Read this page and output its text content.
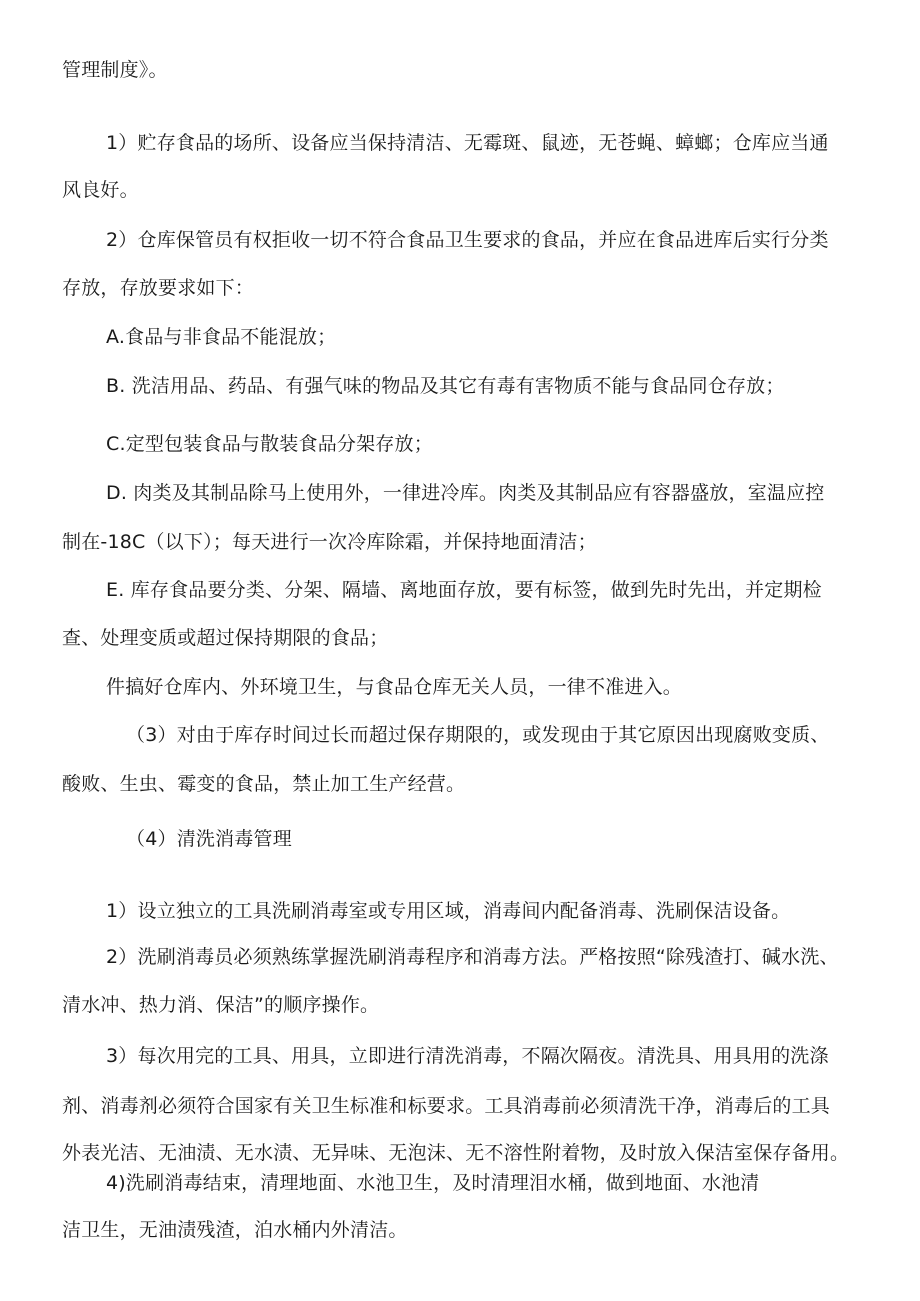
管理制度》。
1）贮存食品的场所、设备应当保持清洁、无霉斑、鼠迹，无苍蝇、蟑螂；仓库应当通
风良好。
2）仓库保管员有权拒收一切不符合食品卫生要求的食品，并应在食品进库后实行分类
存放，存放要求如下：
A.食品与非食品不能混放；
B. 洗洁用品、药品、有强气味的物品及其它有毒有害物质不能与食品同仓存放；
C.定型包装食品与散装食品分架存放；
D. 肉类及其制品除马上使用外，一律进冷库。肉类及其制品应有容器盛放，室温应控
制在-18C（以下）；每天进行一次冷库除霜，并保持地面清洁；
E. 库存食品要分类、分架、隔墙、离地面存放，要有标签，做到先时先出，并定期检
查、处理变质或超过保持期限的食品；
件搞好仓库内、外环境卫生，与食品仓库无关人员，一律不准进入。
（3）对由于库存时间过长而超过保存期限的，或发现由于其它原因出现腐败变质、
酸败、生虫、霉变的食品，禁止加工生产经营。
（4）清洗消毒管理
1）设立独立的工具洗刷消毒室或专用区域，消毒间内配备消毒、洗刷保洁设备。
2）洗刷消毒员必须熟练掌握洗刷消毒程序和消毒方法。严格按照“除残渣打、碱水洗、
清水冲、热力消、保洁”的顺序操作。
3）每次用完的工具、用具，立即进行清洗消毒，不隔次隔夜。清洗具、用具用的洗涤
剂、消毒剂必须符合国家有关卫生标准和标要求。工具消毒前必须清洗干净，消毒后的工具
外表光洁、无油渍、无水渍、无异味、无泡沫、无不溶性附着物，及时放入保洁室保存备用。
4)洗刷消毒结束，清理地面、水池卫生，及时清理泪水桶，做到地面、水池清
洁卫生，无油渍残渣，泊水桶内外清洁。
